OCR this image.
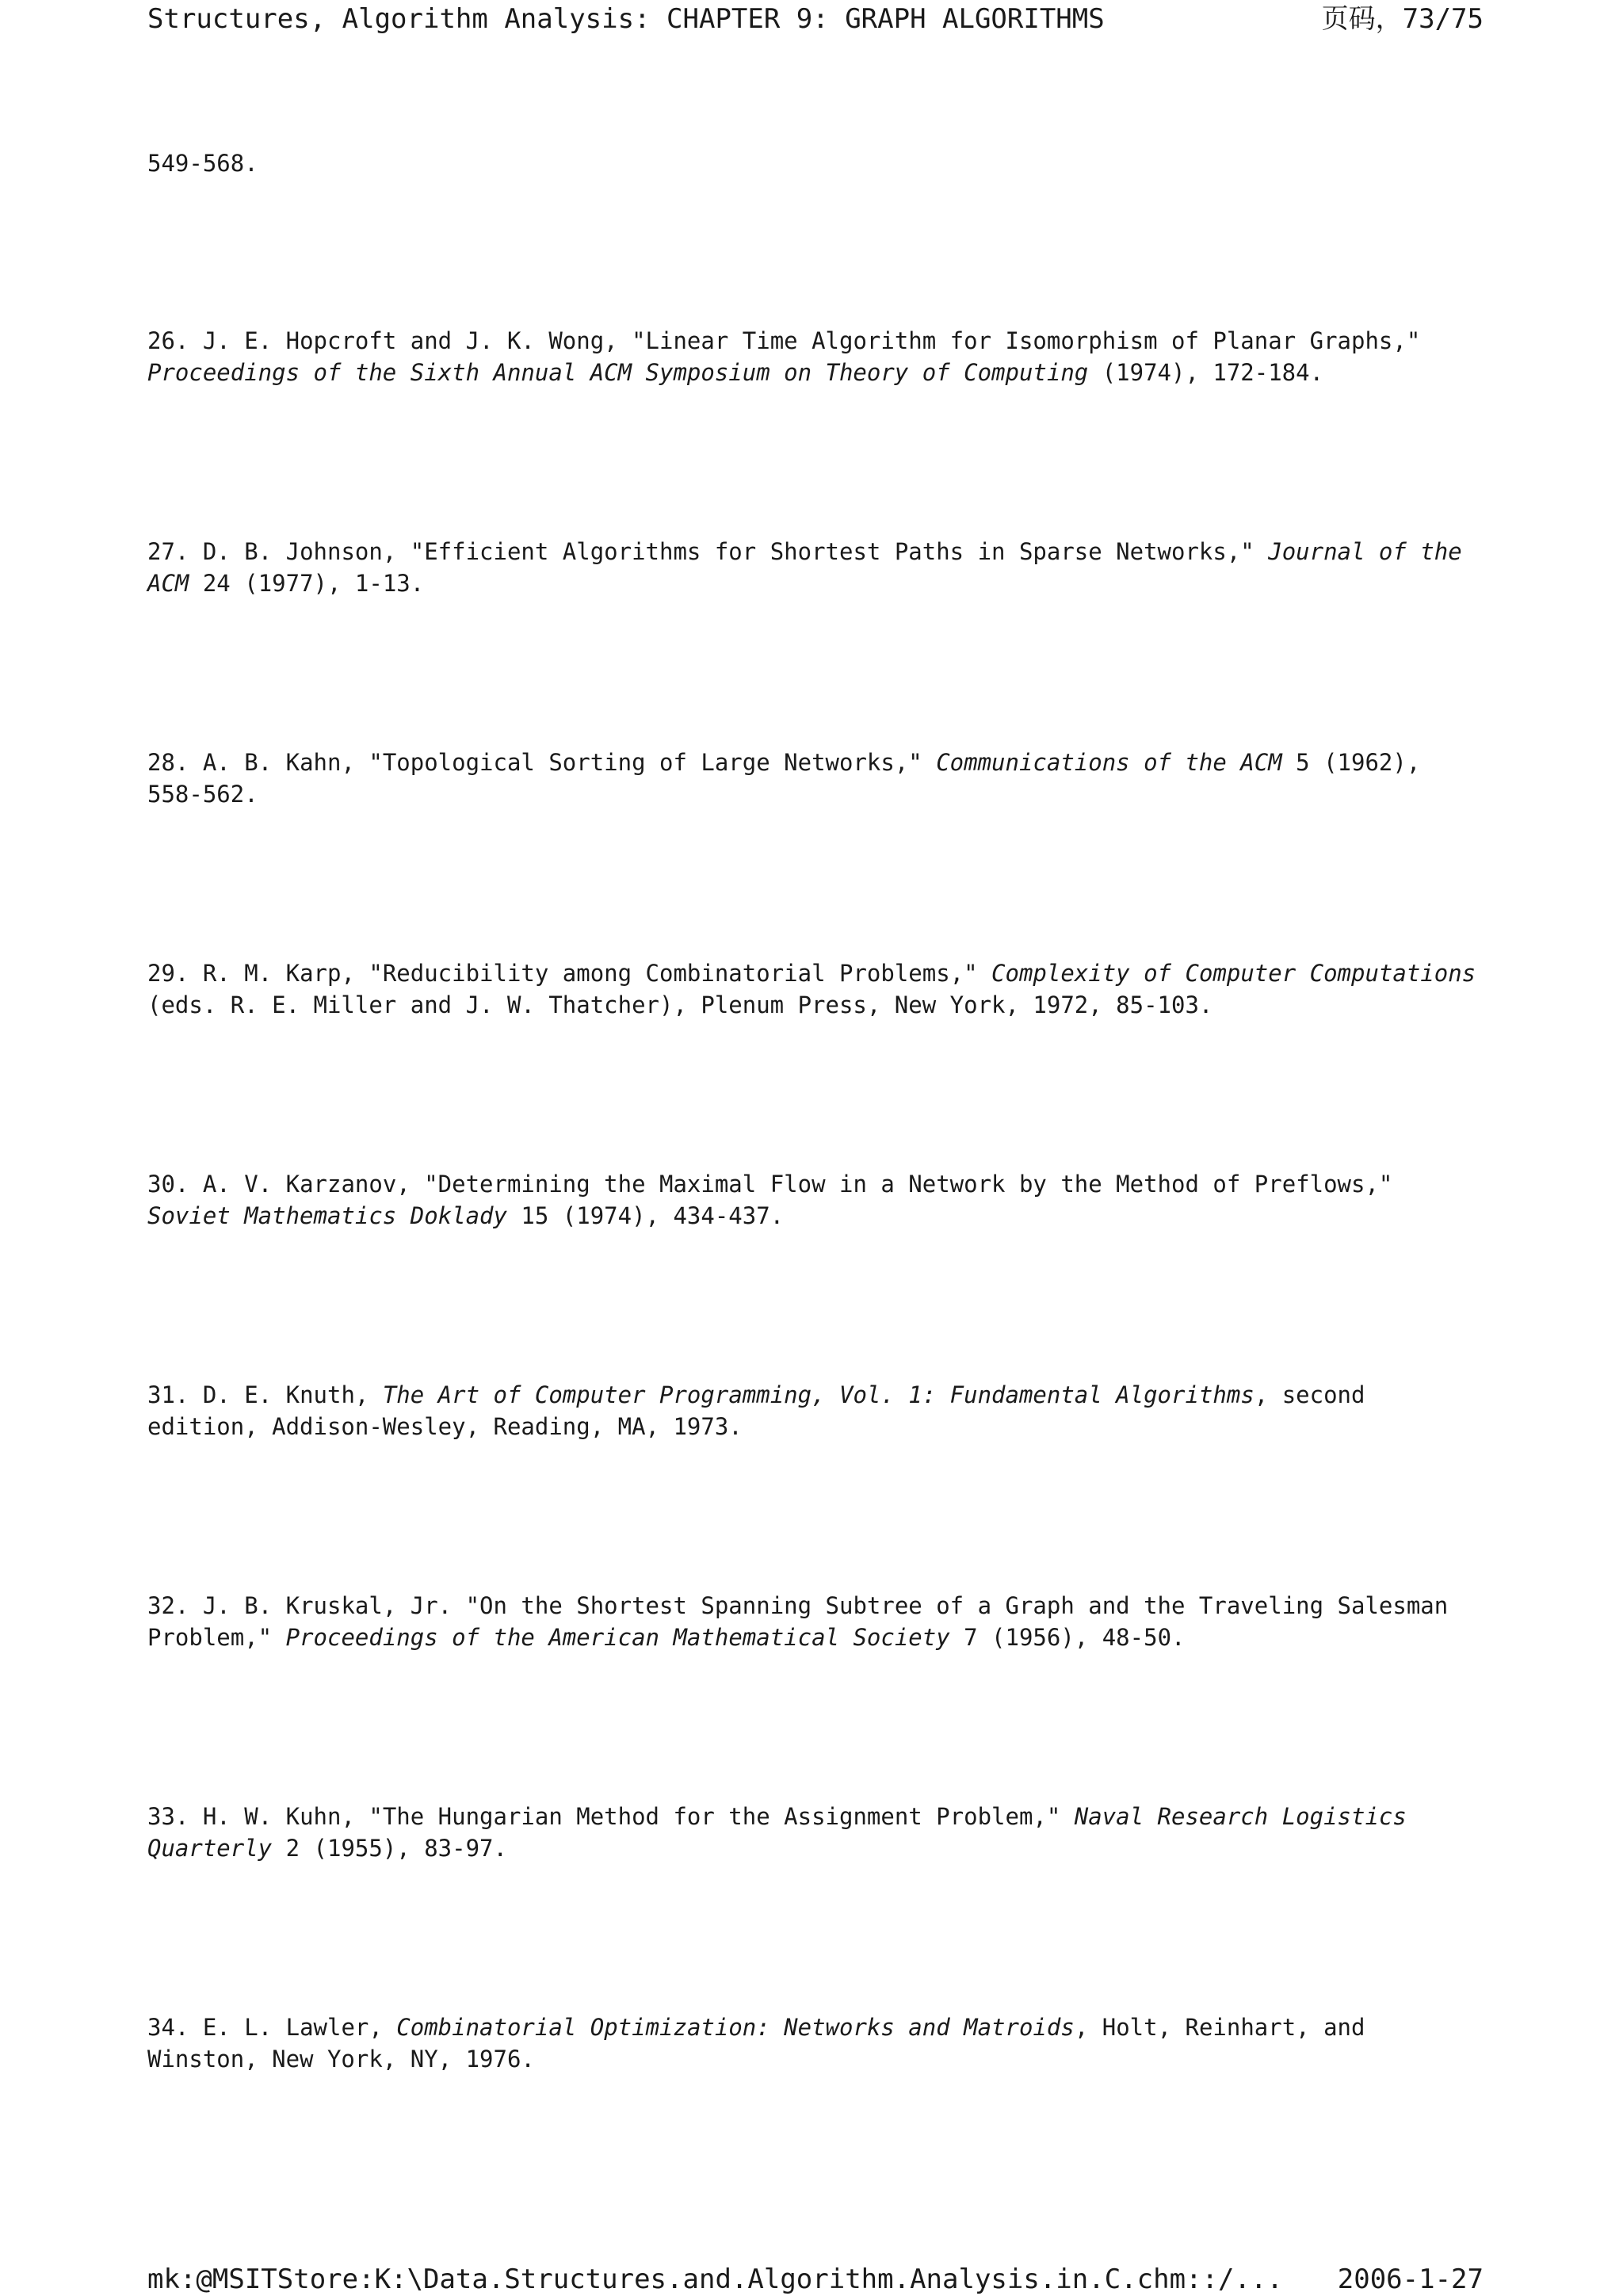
Structures, Algorithm Analysis: CHAPTER 9: GRAPH ALGORITHMS	页码，73/75
549-568.
26. J. E. Hopcroft and J. K. Wong, "Linear Time Algorithm for Isomorphism of Planar Graphs," Proceedings of the Sixth Annual ACM Symposium on Theory of Computing (1974), 172-184.
27. D. B. Johnson, "Efficient Algorithms for Shortest Paths in Sparse Networks," Journal of the ACM 24 (1977), 1-13.
28. A. B. Kahn, "Topological Sorting of Large Networks," Communications of the ACM 5 (1962), 558-562.
29. R. M. Karp, "Reducibility among Combinatorial Problems," Complexity of Computer Computations (eds. R. E. Miller and J. W. Thatcher), Plenum Press, New York, 1972, 85-103.
30. A. V. Karzanov, "Determining the Maximal Flow in a Network by the Method of Preflows," Soviet Mathematics Doklady 15 (1974), 434-437.
31. D. E. Knuth, The Art of Computer Programming, Vol. 1: Fundamental Algorithms, second edition, Addison-Wesley, Reading, MA, 1973.
32. J. B. Kruskal, Jr. "On the Shortest Spanning Subtree of a Graph and the Traveling Salesman Problem," Proceedings of the American Mathematical Society 7 (1956), 48-50.
33. H. W. Kuhn, "The Hungarian Method for the Assignment Problem," Naval Research Logistics Quarterly 2 (1955), 83-97.
34. E. L. Lawler, Combinatorial Optimization: Networks and Matroids, Holt, Reinhart, and Winston, New York, NY, 1976.
mk:@MSITStore:K:\Data.Structures.and.Algorithm.Analysis.in.C.chm::/... 2006-1-27
